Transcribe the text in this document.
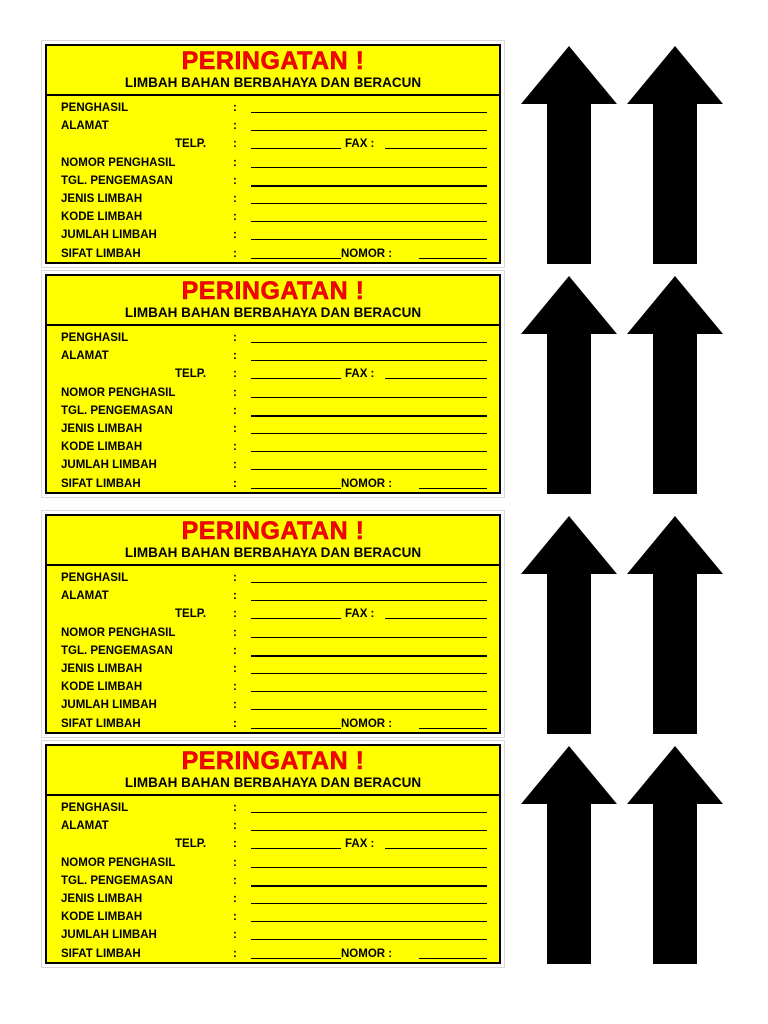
PERINGATAN !
LIMBAH BAHAN BERBAHAYA DAN BERACUN
PENGHASIL	:
ALAMAT	:
TELP. :	FAX :
NOMOR PENGHASIL	:
TGL. PENGEMASAN	:
JENIS LIMBAH	:
KODE LIMBAH	:
JUMLAH LIMBAH	:
SIFAT LIMBAH	:	NOMOR :
PERINGATAN !
LIMBAH BAHAN BERBAHAYA DAN BERACUN
PENGHASIL	:
ALAMAT	:
TELP. :	FAX :
NOMOR PENGHASIL	:
TGL. PENGEMASAN	:
JENIS LIMBAH	:
KODE LIMBAH	:
JUMLAH LIMBAH	:
SIFAT LIMBAH	:	NOMOR :
PERINGATAN !
LIMBAH BAHAN BERBAHAYA DAN BERACUN
PENGHASIL	:
ALAMAT	:
TELP. :	FAX :
NOMOR PENGHASIL	:
TGL. PENGEMASAN	:
JENIS LIMBAH	:
KODE LIMBAH	:
JUMLAH LIMBAH	:
SIFAT LIMBAH	:	NOMOR :
PERINGATAN !
LIMBAH BAHAN BERBAHAYA DAN BERACUN
PENGHASIL	:
ALAMAT	:
TELP. :	FAX :
NOMOR PENGHASIL	:
TGL. PENGEMASAN	:
JENIS LIMBAH	:
KODE LIMBAH	:
JUMLAH LIMBAH	:
SIFAT LIMBAH	:	NOMOR :
